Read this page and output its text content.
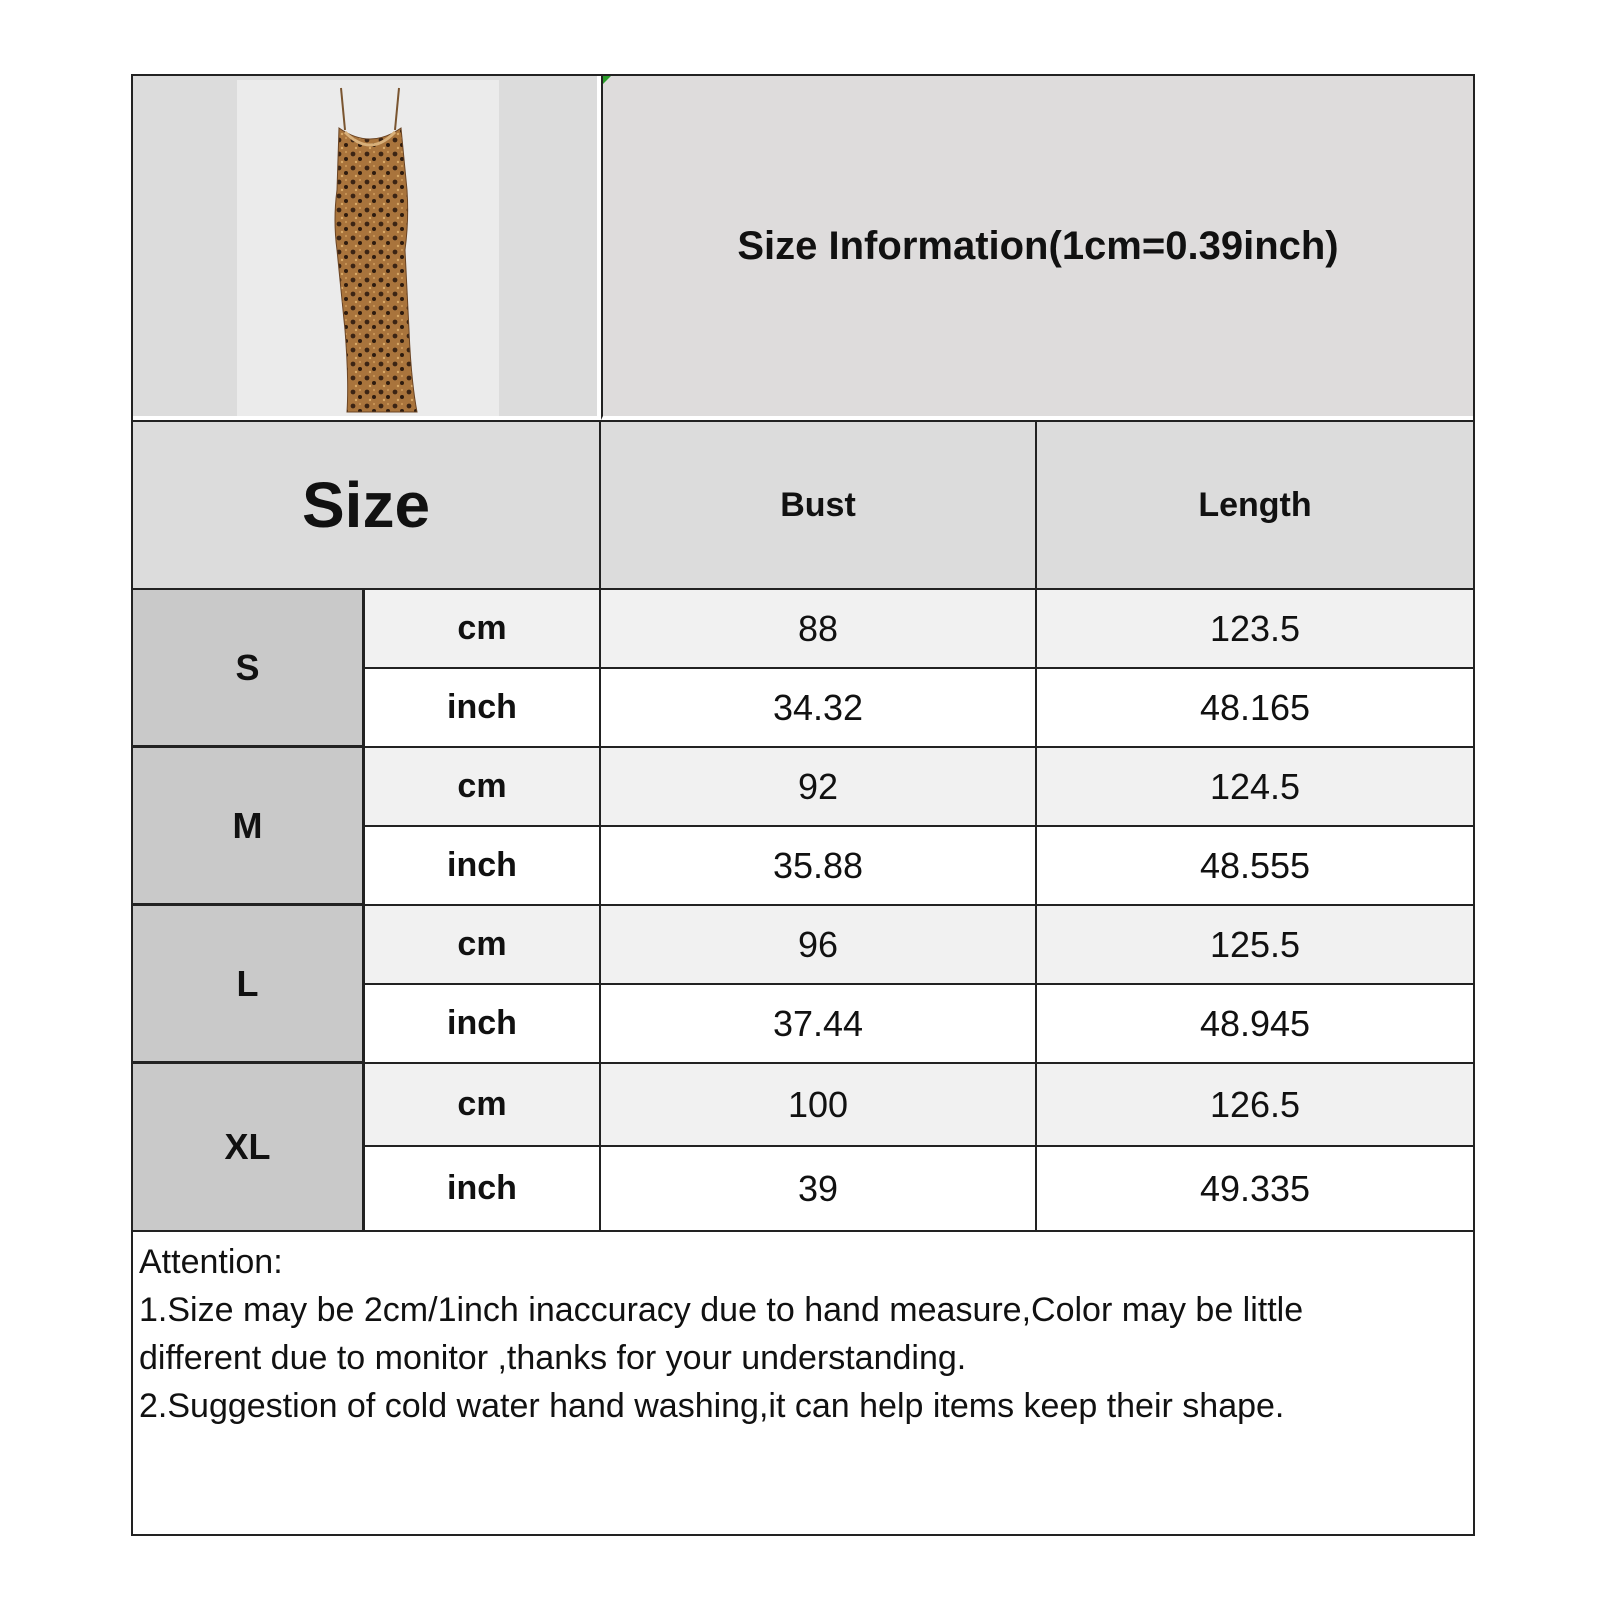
Size Information(1cm=0.39inch)
Size	Bust	Length
S
cm	88	123.5
inch	34.32	48.165
M
cm	92	124.5
inch	35.88	48.555
L
cm	96	125.5
inch	37.44	48.945
XL
cm	100	126.5
inch	39	49.335
Attention:
1.Size may be 2cm/1inch inaccuracy due to hand measure,Color may be little
different due to monitor ,thanks for your understanding.
2.Suggestion of cold water hand washing,it can help items keep their shape.
